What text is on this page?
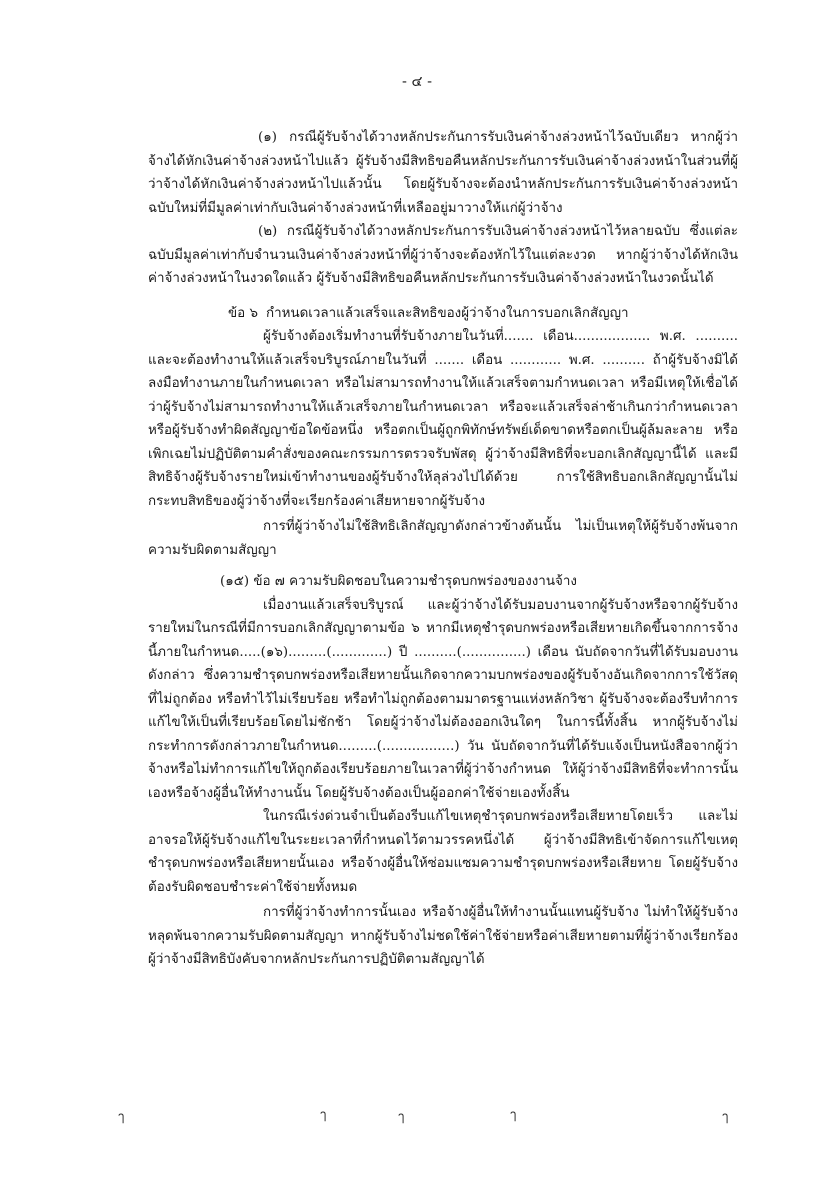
- ๔ -

(๑) กรณีผู้รับจ้างได้วางหลักประกันการรับเงินค่าจ้างล่วงหน้าไว้ฉบับเดียว หากผู้ว่าจ้างได้หักเงินค่าจ้างล่วงหน้าไปแล้ว ผู้รับจ้างมีสิทธิขอคืนหลักประกันการรับเงินค่าจ้างล่วงหน้าในส่วนที่ผู้ว่าจ้างได้หักเงินค่าจ้างล่วงหน้าไปแล้วนั้น โดยผู้รับจ้างจะต้องนำหลักประกันการรับเงินค่าจ้างล่วงหน้าฉบับใหม่ที่มีมูลค่าเท่ากับเงินค่าจ้างล่วงหน้าที่เหลืออยู่มาวางให้แก่ผู้ว่าจ้าง

(๒) กรณีผู้รับจ้างได้วางหลักประกันการรับเงินค่าจ้างล่วงหน้าไว้หลายฉบับ ซึ่งแต่ละฉบับมีมูลค่าเท่ากับจำนวนเงินค่าจ้างล่วงหน้าที่ผู้ว่าจ้างจะต้องหักไว้ในแต่ละงวด หากผู้ว่าจ้างได้หักเงินค่าจ้างล่วงหน้าในงวดใดแล้ว ผู้รับจ้างมีสิทธิขอคืนหลักประกันการรับเงินค่าจ้างล่วงหน้าในงวดนั้นได้

ข้อ ๖ กำหนดเวลาแล้วเสร็จและสิทธิของผู้ว่าจ้างในการบอกเลิกสัญญา

ผู้รับจ้างต้องเริ่มทำงานที่รับจ้างภายในวันที่....... เดือน.................. พ.ศ. .......... และจะต้องทำงานให้แล้วเสร็จบริบูรณ์ภายในวันที่ ....... เดือน ............ พ.ศ. .......... ถ้าผู้รับจ้างมิได้ลงมือทำงานภายในกำหนดเวลา หรือไม่สามารถทำงานให้แล้วเสร็จตามกำหนดเวลา หรือมีเหตุให้เชื่อได้ว่าผู้รับจ้างไม่สามารถทำงานให้แล้วเสร็จภายในกำหนดเวลา หรือจะแล้วเสร็จล่าช้าเกินกว่ากำหนดเวลา หรือผู้รับจ้างทำผิดสัญญาข้อใดข้อหนึ่ง หรือตกเป็นผู้ถูกพิทักษ์ทรัพย์เด็ดขาดหรือตกเป็นผู้ล้มละลาย หรือเพิกเฉยไม่ปฏิบัติตามคำสั่งของคณะกรรมการตรวจรับพัสดุ ผู้ว่าจ้างมีสิทธิที่จะบอกเลิกสัญญานี้ได้ และมีสิทธิจ้างผู้รับจ้างรายใหม่เข้าทำงานของผู้รับจ้างให้ลุล่วงไปได้ด้วย การใช้สิทธิบอกเลิกสัญญานั้นไม่กระทบสิทธิของผู้ว่าจ้างที่จะเรียกร้องค่าเสียหายจากผู้รับจ้าง

การที่ผู้ว่าจ้างไม่ใช้สิทธิเลิกสัญญาดังกล่าวข้างต้นนั้น ไม่เป็นเหตุให้ผู้รับจ้างพ้นจากความรับผิดตามสัญญา

(๑๕) ข้อ ๗ ความรับผิดชอบในความชำรุดบกพร่องของงานจ้าง

เมื่องานแล้วเสร็จบริบูรณ์ และผู้ว่าจ้างได้รับมอบงานจากผู้รับจ้างหรือจากผู้รับจ้างรายใหม่ในกรณีที่มีการบอกเลิกสัญญาตามข้อ ๖ หากมีเหตุชำรุดบกพร่องหรือเสียหายเกิดขึ้นจากการจ้างนี้ภายในกำหนด.....(๑๖).........(.............) ปี ..........(...............) เดือน นับถัดจากวันที่ได้รับมอบงานดังกล่าว ซึ่งความชำรุดบกพร่องหรือเสียหายนั้นเกิดจากความบกพร่องของผู้รับจ้างอันเกิดจากการใช้วัสดุที่ไม่ถูกต้อง หรือทำไว้ไม่เรียบร้อย หรือทำไม่ถูกต้องตามมาตรฐานแห่งหลักวิชา ผู้รับจ้างจะต้องรีบทำการแก้ไขให้เป็นที่เรียบร้อยโดยไม่ชักช้า โดยผู้ว่าจ้างไม่ต้องออกเงินใดๆ ในการนี้ทั้งสิ้น หากผู้รับจ้างไม่กระทำการดังกล่าวภายในกำหนด.........(.................) วัน นับถัดจากวันที่ได้รับแจ้งเป็นหนังสือจากผู้ว่าจ้างหรือไม่ทำการแก้ไขให้ถูกต้องเรียบร้อยภายในเวลาที่ผู้ว่าจ้างกำหนด ให้ผู้ว่าจ้างมีสิทธิที่จะทำการนั้นเองหรือจ้างผู้อื่นให้ทำงานนั้น โดยผู้รับจ้างต้องเป็นผู้ออกค่าใช้จ่ายเองทั้งสิ้น

ในกรณีเร่งด่วนจำเป็นต้องรีบแก้ไขเหตุชำรุดบกพร่องหรือเสียหายโดยเร็ว และไม่อาจรอให้ผู้รับจ้างแก้ไขในระยะเวลาที่กำหนดไว้ตามวรรคหนึ่งได้ ผู้ว่าจ้างมีสิทธิเข้าจัดการแก้ไขเหตุชำรุดบกพร่องหรือเสียหายนั้นเอง หรือจ้างผู้อื่นให้ซ่อมแซมความชำรุดบกพร่องหรือเสียหาย โดยผู้รับจ้างต้องรับผิดชอบชำระค่าใช้จ่ายทั้งหมด

การที่ผู้ว่าจ้างทำการนั้นเอง หรือจ้างผู้อื่นให้ทำงานนั้นแทนผู้รับจ้าง ไม่ทำให้ผู้รับจ้างหลุดพ้นจากความรับผิดตามสัญญา หากผู้รับจ้างไม่ชดใช้ค่าใช้จ่ายหรือค่าเสียหายตามที่ผู้ว่าจ้างเรียกร้อง ผู้ว่าจ้างมีสิทธิบังคับจากหลักประกันการปฏิบัติตามสัญญาได้

ๅ	ๅ	ๅ	ๅ	ๅ
